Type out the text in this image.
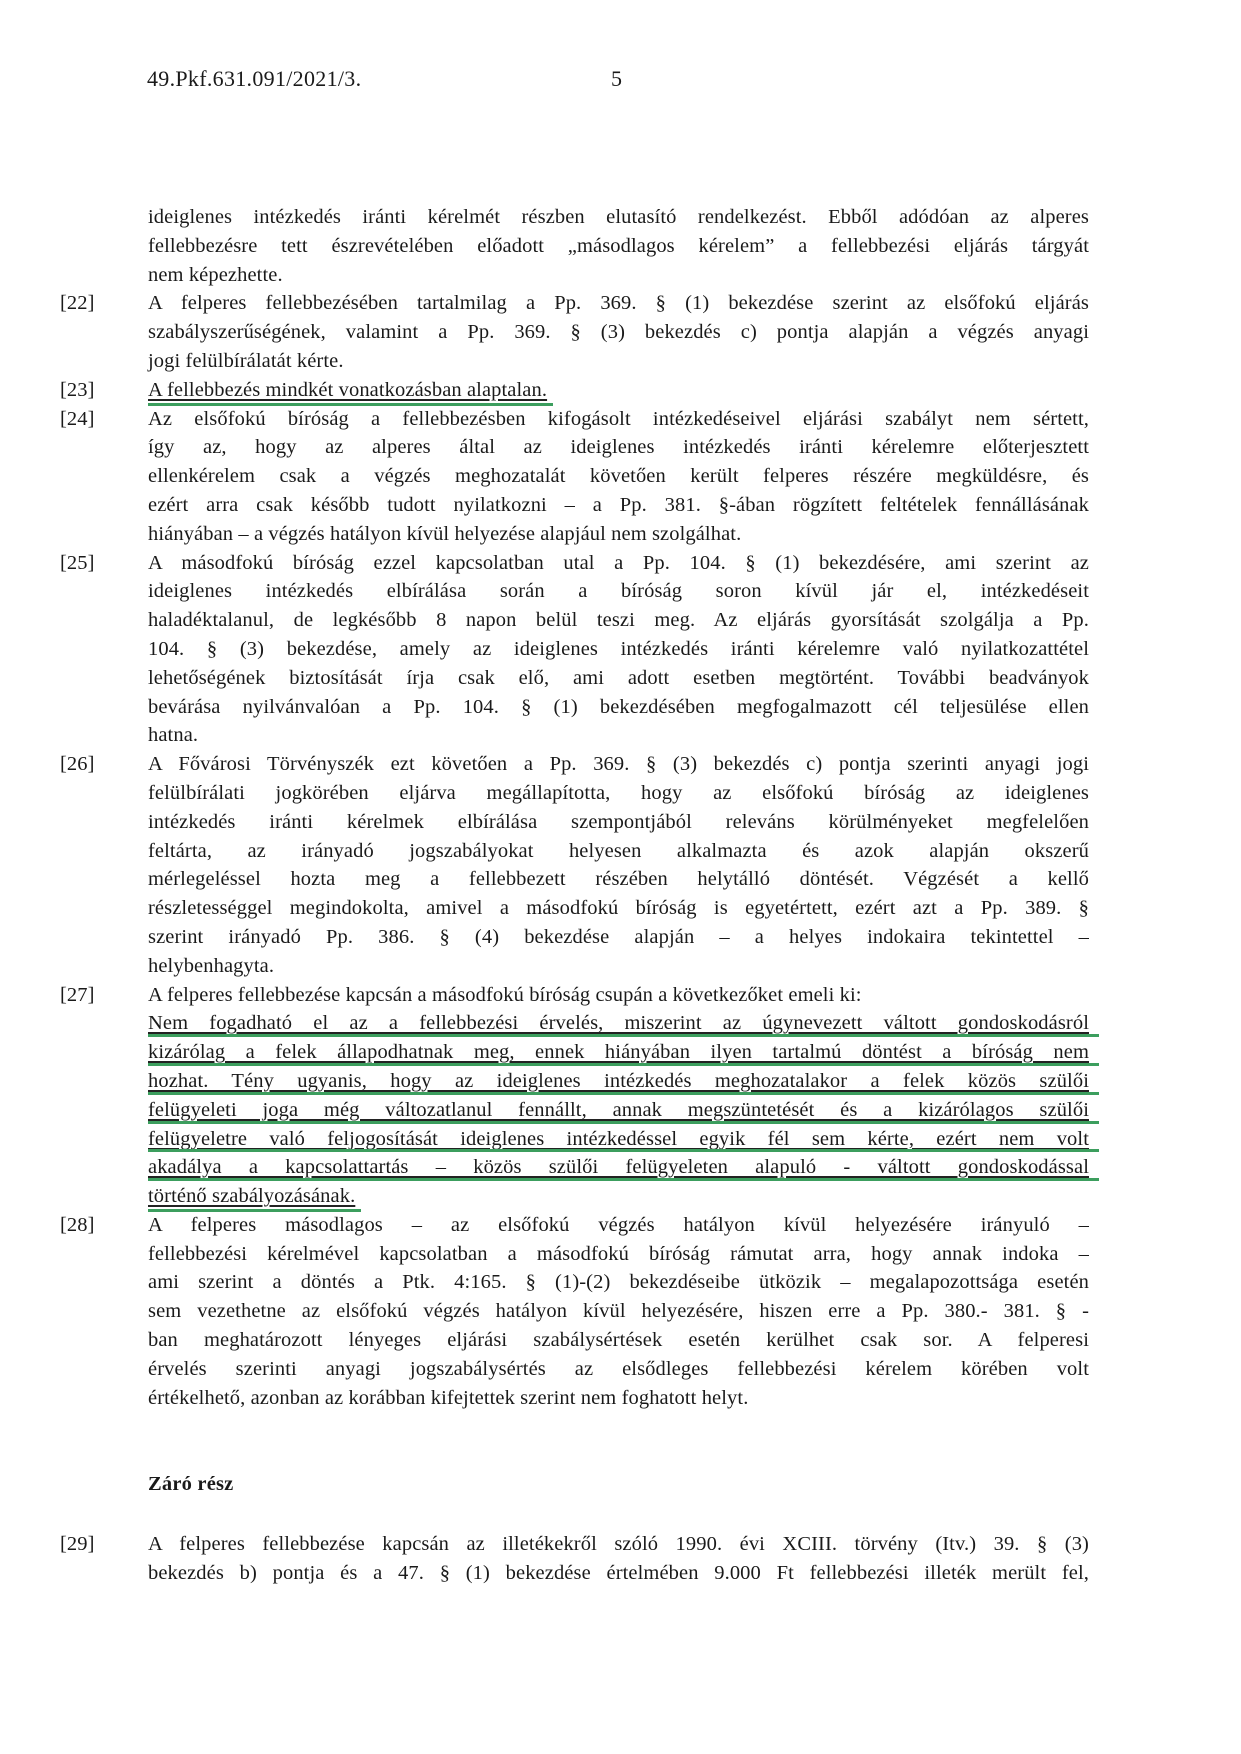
49.Pkf.631.091/2021/3.	5
ideiglenes intézkedés iránti kérelmét részben elutasító rendelkezést. Ebből adódóan az alperes
fellebbezésre tett észrevételében előadott „másodlagos kérelem” a fellebbezési eljárás tárgyát
nem képezhette.
[22]	A felperes fellebbezésében tartalmilag a Pp. 369. § (1) bekezdése szerint az elsőfokú eljárás
szabályszerűségének, valamint a Pp. 369. § (3) bekezdés c) pontja alapján a végzés anyagi
jogi felülbírálatát kérte.
[23]	A fellebbezés mindkét vonatkozásban alaptalan.
[24]	Az elsőfokú bíróság a fellebbezésben kifogásolt intézkedéseivel eljárási szabályt nem sértett,
így az, hogy az alperes által az ideiglenes intézkedés iránti kérelemre előterjesztett
ellenkérelem csak a végzés meghozatalát követően került felperes részére megküldésre, és
ezért arra csak később tudott nyilatkozni – a Pp. 381. §-ában rögzített feltételek fennállásának
hiányában – a végzés hatályon kívül helyezése alapjául nem szolgálhat.
[25]	A másodfokú bíróság ezzel kapcsolatban utal a Pp. 104. § (1) bekezdésére, ami szerint az
ideiglenes intézkedés elbírálása során a bíróság soron kívül jár el, intézkedéseit
haladéktalanul, de legkésőbb 8 napon belül teszi meg. Az eljárás gyorsítását szolgálja a Pp.
104. § (3) bekezdése, amely az ideiglenes intézkedés iránti kérelemre való nyilatkozattétel
lehetőségének biztosítását írja csak elő, ami adott esetben megtörtént. További beadványok
bevárása nyilvánvalóan a Pp. 104. § (1) bekezdésében megfogalmazott cél teljesülése ellen
hatna.
[26]	A Fővárosi Törvényszék ezt követően a Pp. 369. § (3) bekezdés c) pontja szerinti anyagi jogi
felülbírálati jogkörében eljárva megállapította, hogy az elsőfokú bíróság az ideiglenes
intézkedés iránti kérelmek elbírálása szempontjából releváns körülményeket megfelelően
feltárta, az irányadó jogszabályokat helyesen alkalmazta és azok alapján okszerű
mérlegeléssel hozta meg a fellebbezett részében helytálló döntését. Végzését a kellő
részletességgel megindokolta, amivel a másodfokú bíróság is egyetértett, ezért azt a Pp. 389. §
szerint irányadó Pp. 386. § (4) bekezdése alapján – a helyes indokaira tekintettel –
helybenhagyta.
[27]	A felperes fellebbezése kapcsán a másodfokú bíróság csupán a következőket emeli ki:
Nem fogadható el az a fellebbezési érvelés, miszerint az úgynevezett váltott gondoskodásról
kizárólag a felek állapodhatnak meg, ennek hiányában ilyen tartalmú döntést a bíróság nem
hozhat. Tény ugyanis, hogy az ideiglenes intézkedés meghozatalakor a felek közös szülői
felügyeleti joga még változatlanul fennállt, annak megszüntetését és a kizárólagos szülői
felügyeletre való feljogosítását ideiglenes intézkedéssel egyik fél sem kérte, ezért nem volt
akadálya a kapcsolattartás – közös szülői felügyeleten alapuló - váltott gondoskodással
történő szabályozásának.
[28]	A felperes másodlagos – az elsőfokú végzés hatályon kívül helyezésére irányuló –
fellebbezési kérelmével kapcsolatban a másodfokú bíróság rámutat arra, hogy annak indoka –
ami szerint a döntés a Ptk. 4:165. § (1)-(2) bekezdéseibe ütközik – megalapozottsága esetén
sem vezethetne az elsőfokú végzés hatályon kívül helyezésére, hiszen erre a Pp. 380.- 381. § -
ban meghatározott lényeges eljárási szabálysértések esetén kerülhet csak sor. A felperesi
érvelés szerinti anyagi jogszabálysértés az elsődleges fellebbezési kérelem körében volt
értékelhető, azonban az korábban kifejtettek szerint nem foghatott helyt.
Záró rész
[29]	A felperes fellebbezése kapcsán az illetékekről szóló 1990. évi XCIII. törvény (Itv.) 39. § (3)
bekezdés b) pontja és a 47. § (1) bekezdése értelmében 9.000 Ft fellebbezési illeték merült fel,
